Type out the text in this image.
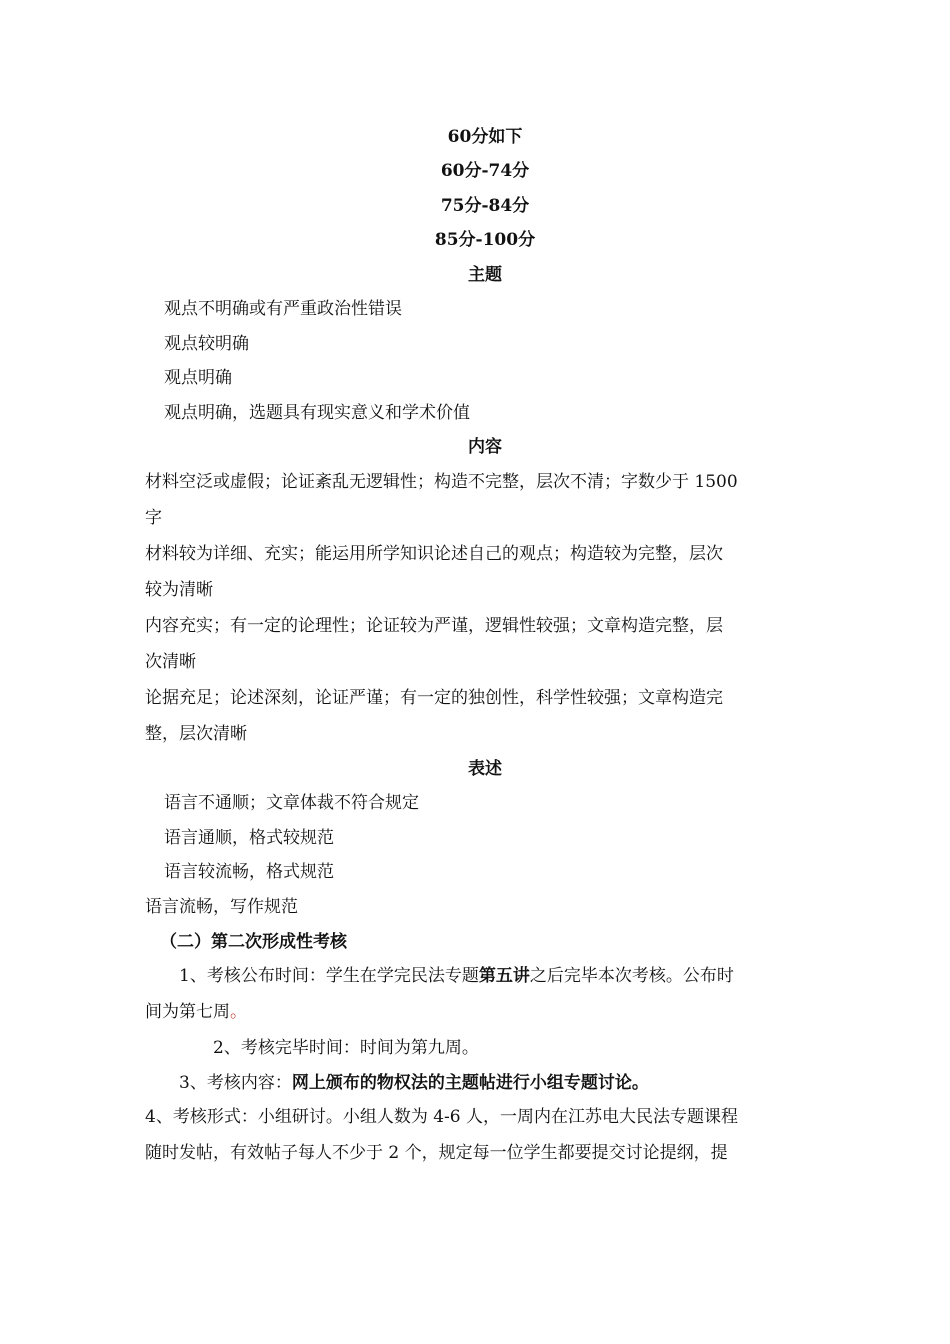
60分如下
60分-74分
75分-84分
85分-100分
主题
观点不明确或有严重政治性错误
观点较明确
观点明确
观点明确，选题具有现实意义和学术价值
内容
材料空泛或虚假；论证紊乱无逻辑性；构造不完整，层次不清；字数少于 1500
字
材料较为详细、充实；能运用所学知识论述自己的观点；构造较为完整，层次
较为清晰
内容充实；有一定的论理性；论证较为严谨，逻辑性较强；文章构造完整，层
次清晰
论据充足；论述深刻，论证严谨；有一定的独创性，科学性较强；文章构造完
整，层次清晰
表述
语言不通顺；文章体裁不符合规定
语言通顺，格式较规范
语言较流畅，格式规范
语言流畅，写作规范
（二）第二次形成性考核
1、考核公布时间：学生在学完民法专题第五讲之后完毕本次考核。公布时
间为第七周。
2、考核完毕时间：时间为第九周。
3、考核内容：网上颁布的物权法的主题帖进行小组专题讨论。
4、考核形式：小组研讨。小组人数为 4-6 人，一周内在江苏电大民法专题课程
随时发帖，有效帖子每人不少于 2 个，规定每一位学生都要提交讨论提纲，提
